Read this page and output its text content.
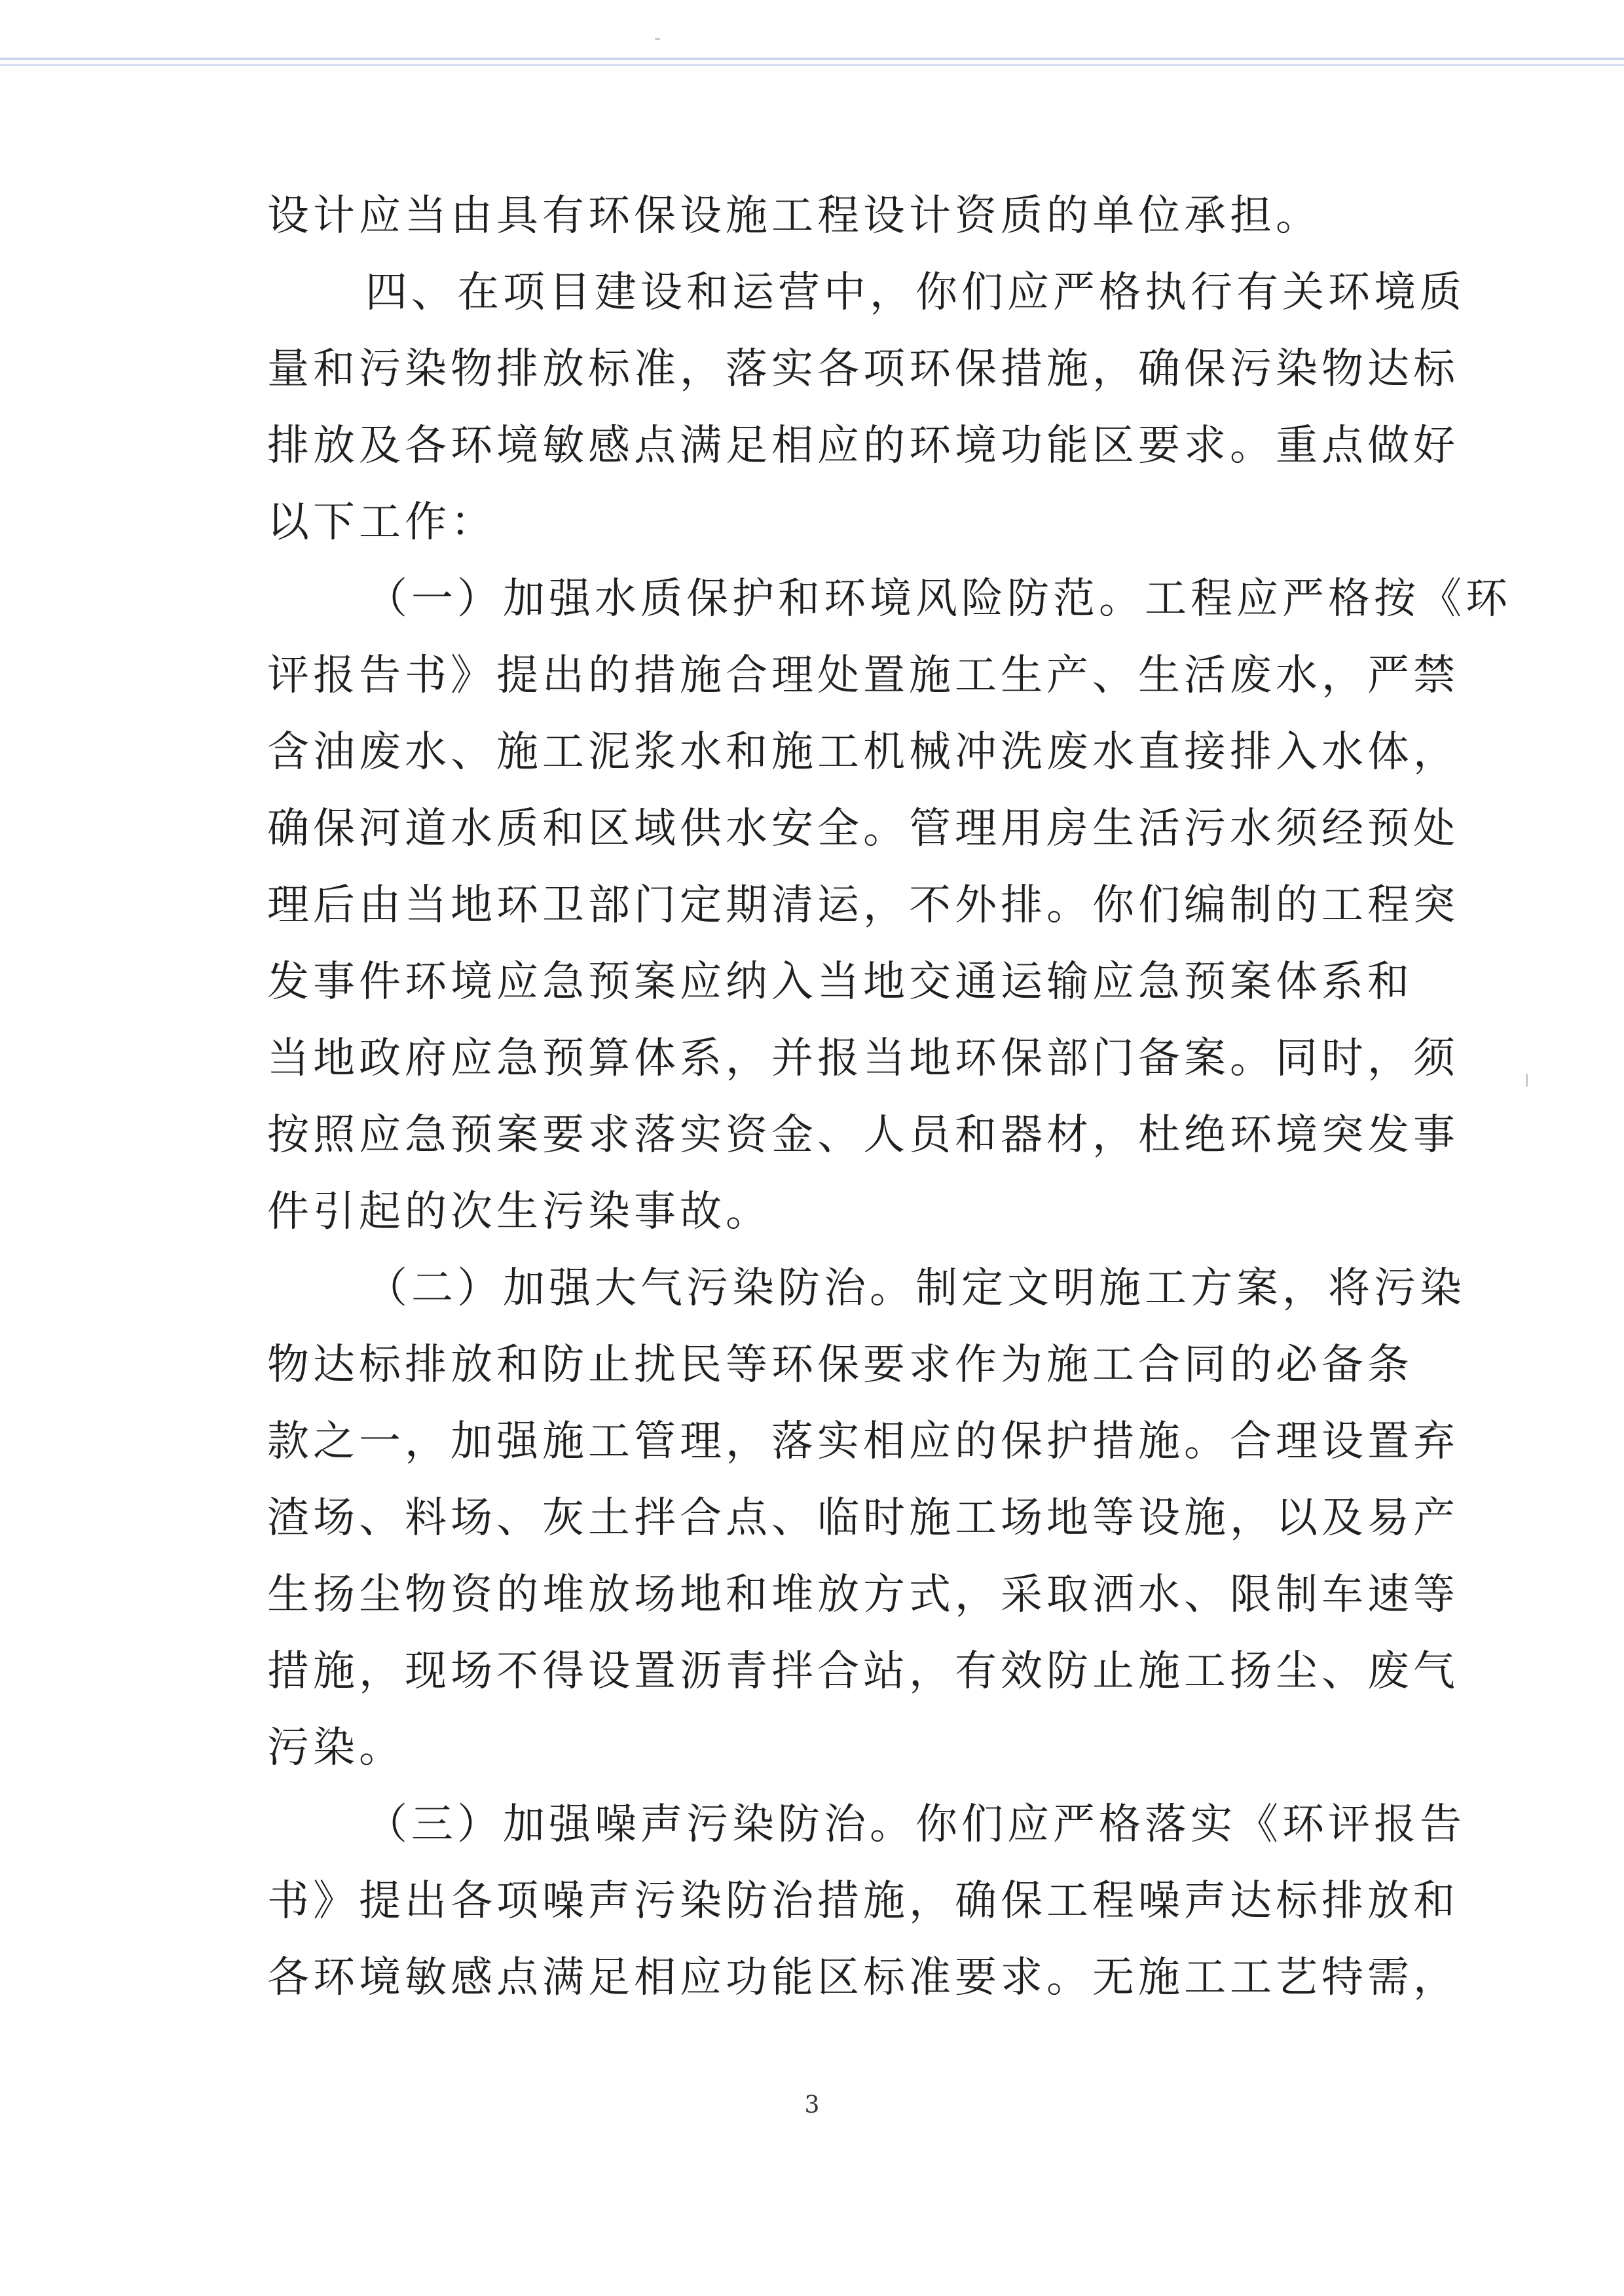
设计应当由具有环保设施工程设计资质的单位承担。
四、在项目建设和运营中，你们应严格执行有关环境质
量和污染物排放标准，落实各项环保措施，确保污染物达标
排放及各环境敏感点满足相应的环境功能区要求。重点做好
以下工作：
（一）加强水质保护和环境风险防范。工程应严格按《环
评报告书》提出的措施合理处置施工生产、生活废水，严禁
含油废水、施工泥浆水和施工机械冲洗废水直接排入水体，
确保河道水质和区域供水安全。管理用房生活污水须经预处
理后由当地环卫部门定期清运，不外排。你们编制的工程突
发事件环境应急预案应纳入当地交通运输应急预案体系和
当地政府应急预算体系，并报当地环保部门备案。同时，须
按照应急预案要求落实资金、人员和器材，杜绝环境突发事
件引起的次生污染事故。
（二）加强大气污染防治。制定文明施工方案，将污染
物达标排放和防止扰民等环保要求作为施工合同的必备条
款之一，加强施工管理，落实相应的保护措施。合理设置弃
渣场、料场、灰土拌合点、临时施工场地等设施，以及易产
生扬尘物资的堆放场地和堆放方式，采取洒水、限制车速等
措施，现场不得设置沥青拌合站，有效防止施工扬尘、废气
污染。
（三）加强噪声污染防治。你们应严格落实《环评报告
书》提出各项噪声污染防治措施，确保工程噪声达标排放和
各环境敏感点满足相应功能区标准要求。无施工工艺特需，
3
